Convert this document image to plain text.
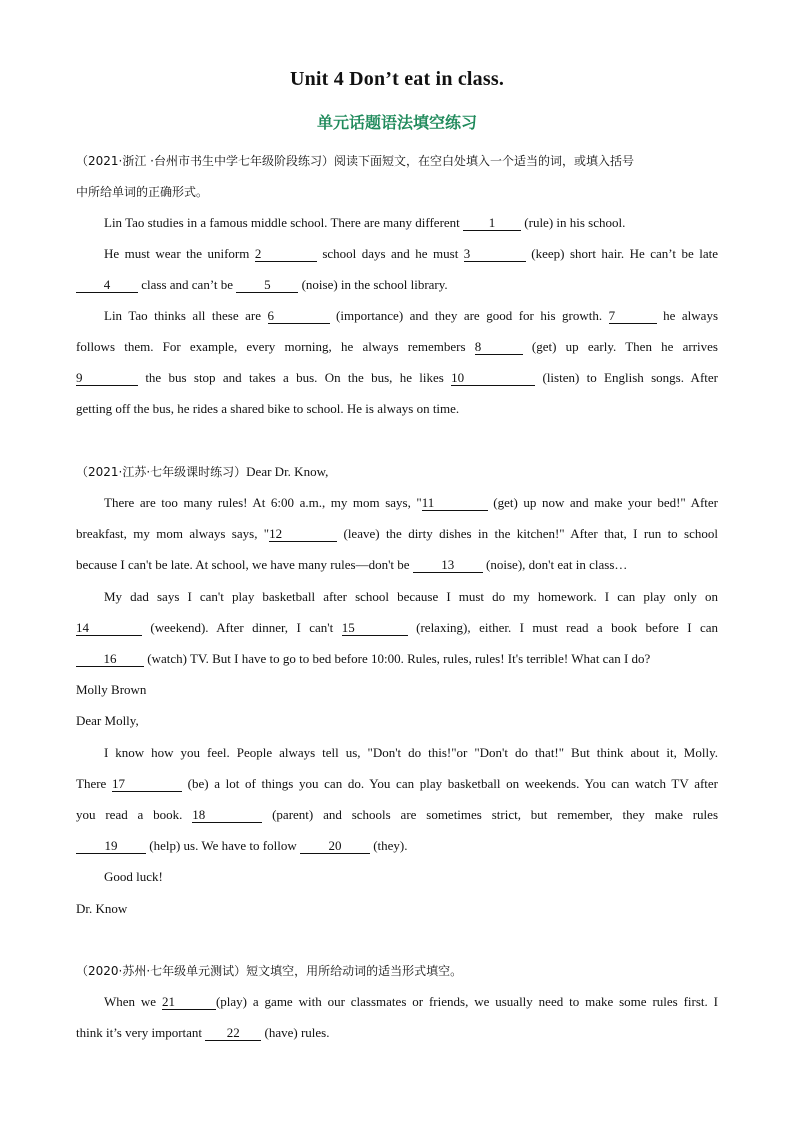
Unit 4 Don’t eat in class.
单元话题语法填空练习
（2021·浙江 ·台州市书生中学七年级阶段练习）阅读下面短文，在空白处填入一个适当的词，或填入括号
中所给单词的正确形式。
Lin Tao studies in a famous middle school. There are many different 1 (rule) in his school.
He must wear the uniform 2	school days and he must 3	(keep) short hair. He can’t be late
4 class and can’t be 5 (noise) in the school library.
Lin Tao thinks all these are 6	(importance) and they are good for his growth. 7	he always
follows them. For example, every morning, he always remembers 8	(get) up early. Then he arrives
9	the bus stop and takes a bus. On the bus, he likes 10	(listen) to English songs. After
getting off the bus, he rides a shared bike to school. He is always on time.
（2021·江苏·七年级课时练习）Dear Dr. Know,
There are too many rules! At 6:00 a.m., my mom says, "11	(get) up now and make your bed!" After
breakfast, my mom always says, "12	(leave) the dirty dishes in the kitchen!" After that, I run to school
because I can't be late. At school, we have many rules—don't be 13 (noise), don't eat in class…
My dad says I can't play basketball after school because I must do my homework. I can play only on
14	(weekend). After dinner, I can't 15	(relaxing), either. I must read a book before I can
16 (watch) TV. But I have to go to bed before 10:00. Rules, rules, rules! It's terrible! What can I do?
Molly Brown
Dear Molly,
I know how you feel. People always tell us, "Don't do this!"or "Don't do that!" But think about it, Molly.
There 17	(be) a lot of things you can do. You can play basketball on weekends. You can watch TV after
you read a book. 18	(parent) and schools are sometimes strict, but remember, they make rules
19 (help) us. We have to follow 20 (they).
Good luck!
Dr. Know
（2020·苏州·七年级单元测试）短文填空，用所给动词的适当形式填空。
When we 21	(play) a game with our classmates or friends, we usually need to make some rules first. I
think it’s very important 22 (have) rules.
